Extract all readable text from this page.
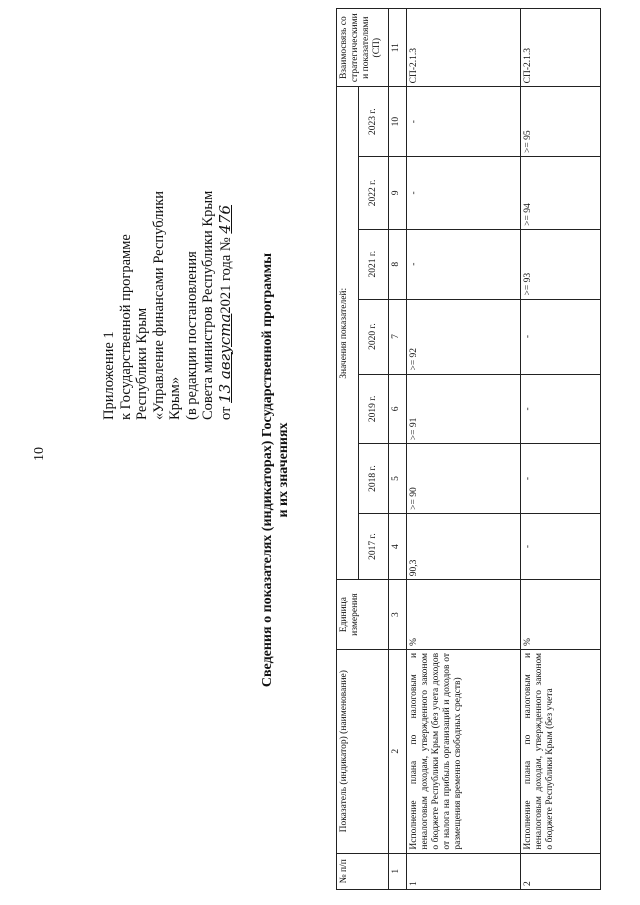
10
Приложение 1 к Государственной программе Республики Крым «Управление финансами Республики Крым» (в редакции постановления Совета министров Республики Крым от 13 августа2021 года № 476
Сведения о показателях (индикаторах) Государственной программы и их значениях
№ п/п	Показатель (индикатор) (наименование)	Единица измерения	Значения показателей:							Взаимосвязь со стратегическими и показателями (СП)
			2017 г.	2018 г.	2019 г.	2020 г.	2021 г.	2022 г.	2023 г.	
1	2	3	4	5	6	7	8	9	10	11
1	Исполнение плана по налоговым и неналоговым доходам, утвержденного законом о бюджете Республики Крым (без учета доходов от налога на прибыль организаций и доходов от размещения временно свободных средств)	%	90,3	>= 90	>= 91	>= 92	-	-	-	СП-2.1.3
2	Исполнение плана по налоговым и неналоговым доходам, утвержденного законом о бюджете Республики Крым (без учета	%	-	-	-	-	>= 93	>= 94	>= 95	СП-2.1.3
